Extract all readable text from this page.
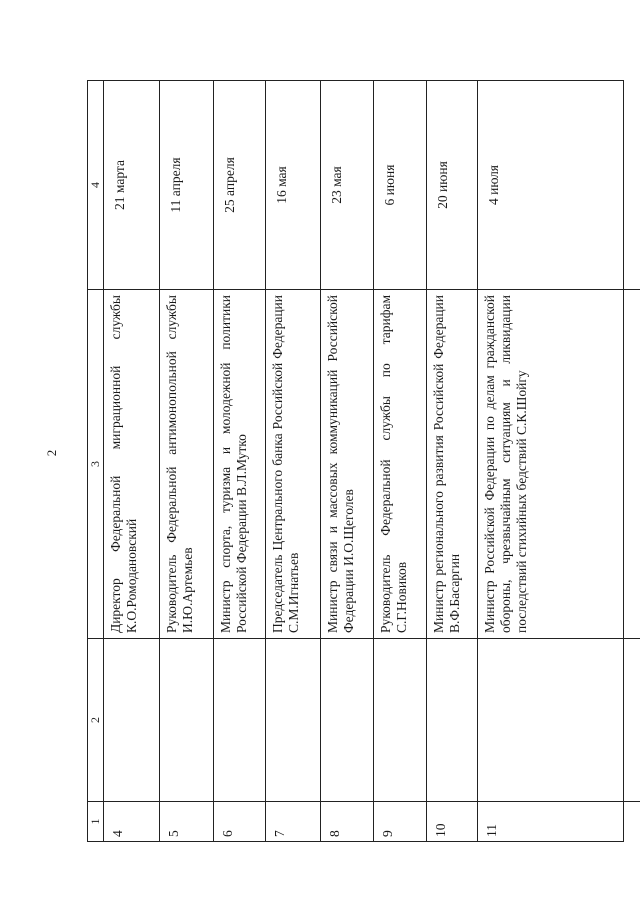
2
1
2
3
4
4
Директор Федеральной миграционной службы К.О.Ромодановский
21 марта
5
Руководитель Федеральной антимонопольной службы И.Ю.Артемьев
11 апреля
6
Министр спорта, туризма и молодежной политики Российской Федерации В.Л.Мутко
25 апреля
7
Председатель Центрального банка Российской Федерации С.М.Игнатьев
16 мая
8
Министр связи и массовых коммуникаций Российской Федерации И.О.Щеголев
23 мая
9
Руководитель Федеральной службы по тарифам С.Г.Новиков
6 июня
10
Министр регионального развития Российской Федерации В.Ф.Басаргин
20 июня
11
Министр Российской Федерации по делам гражданской обороны, чрезвычайным ситуациям и ликвидации последствий стихийных бедствий С.К.Шойгу
4 июля
